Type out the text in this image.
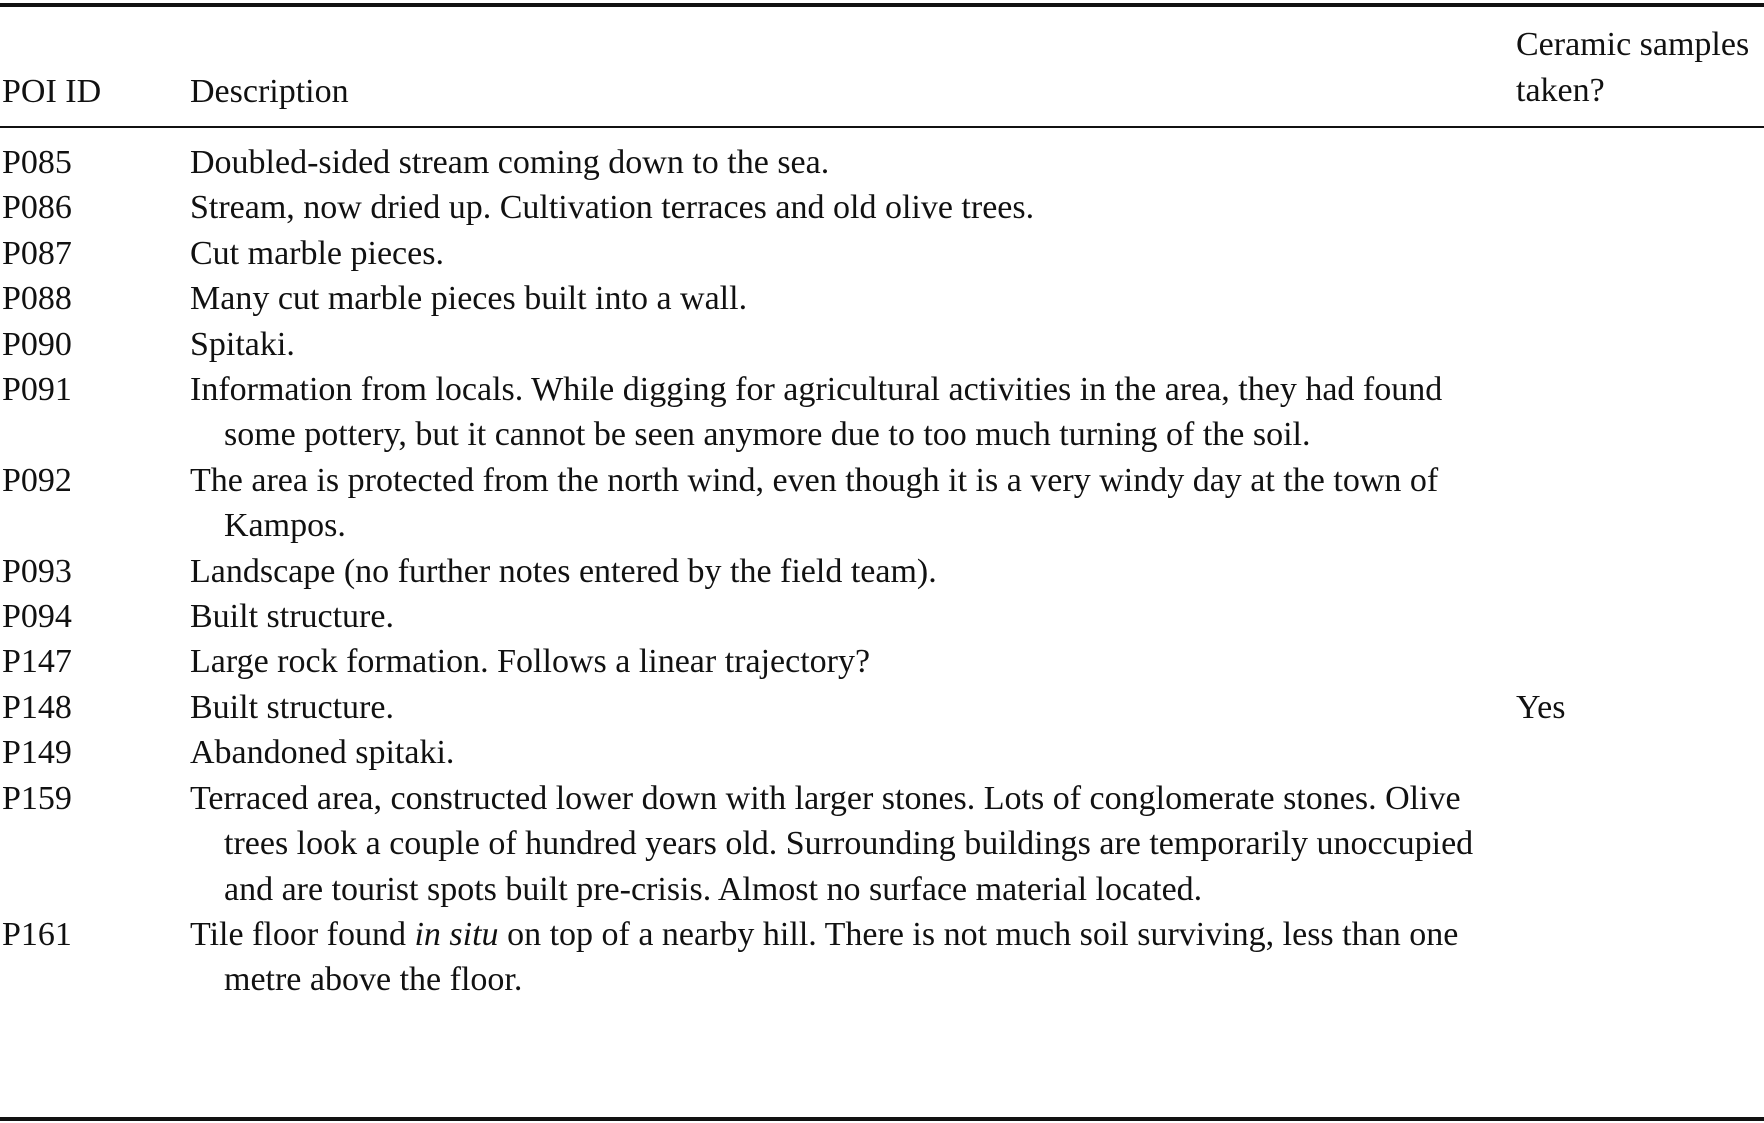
POI ID	Description	Ceramic samples taken?
P085	Doubled-sided stream coming down to the sea.	
P086	Stream, now dried up. Cultivation terraces and old olive trees.	
P087	Cut marble pieces.	
P088	Many cut marble pieces built into a wall.	
P090	Spitaki.	
P091	Information from locals. While digging for agricultural activities in the area, they had found some pottery, but it cannot be seen anymore due to too much turning of the soil.	
P092	The area is protected from the north wind, even though it is a very windy day at the town of Kampos.	
P093	Landscape (no further notes entered by the field team).	
P094	Built structure.	
P147	Large rock formation. Follows a linear trajectory?	
P148	Built structure.	Yes
P149	Abandoned spitaki.	
P159	Terraced area, constructed lower down with larger stones. Lots of conglomerate stones. Olive trees look a couple of hundred years old. Surrounding buildings are temporarily unoccupied and are tourist spots built pre-crisis. Almost no surface material located.	
P161	Tile floor found in situ on top of a nearby hill. There is not much soil surviving, less than one metre above the floor.	
